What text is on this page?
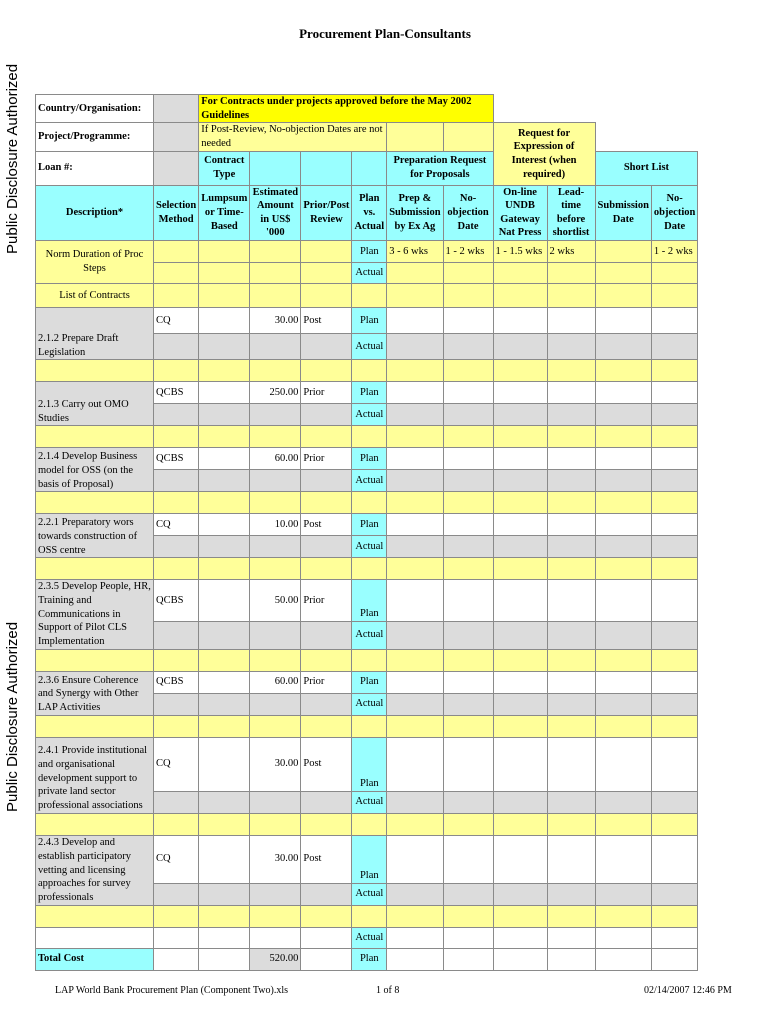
Procurement Plan-Consultants
Public Disclosure Authorized
Public Disclosure Authorized
Country/Organisation:		For Contracts under projects approved before the May 2002 Guidelines									
Project/Programme:		If Post-Review, No-objection Dates are not needed						Request for Expression of Interest (when required)			
Loan #:		Contract Type				Preparation Request for Proposals				Short List	

Description*	Selection Method	Lumpsum or Time-Based	Estimated Amount in US$ '000	Prior/Post Review	Plan vs. Actual	Prep & Submission by Ex Ag	No-objection Date	On-line UNDB Gateway Nat Press	Lead-time before shortlist	Submission Date	No-objection Date
Norm Duration of Proc Steps					Plan	3 - 6 wks	1 - 2 wks	1 - 1.5 wks	2 wks		1 - 2 wks
					Actual						
List of Contracts											

2.1.2 Prepare Draft Legislation	CQ		30.00	Post	Plan						
					Actual						

2.1.3 Carry out OMO Studies	QCBS		250.00	Prior	Plan						
					Actual						

2.1.4 Develop Business model for OSS (on the basis of Proposal)	QCBS		60.00	Prior	Plan						
					Actual						

2.2.1 Preparatory wors towards construction of OSS centre	CQ		10.00	Post	Plan						
					Actual						

2.3.5 Develop People, HR, Training and Communications in Support of Pilot CLS Implementation	QCBS		50.00	Prior	Plan						
					Actual						

2.3.6 Ensure Coherence and Synergy with Other LAP Activities	QCBS		60.00	Prior	Plan						
					Actual						

2.4.1 Provide institutional and organisational development support to private land sector professional associations	CQ		30.00	Post	Plan						
					Actual						

2.4.3 Develop and establish participatory vetting and licensing approaches for survey professionals	CQ		30.00	Post	Plan						
					Actual						

					Actual						
Total Cost			520.00		Plan						
LAP World Bank Procurement Plan (Component Two).xls	1 of 8	02/14/2007 12:46 PM
